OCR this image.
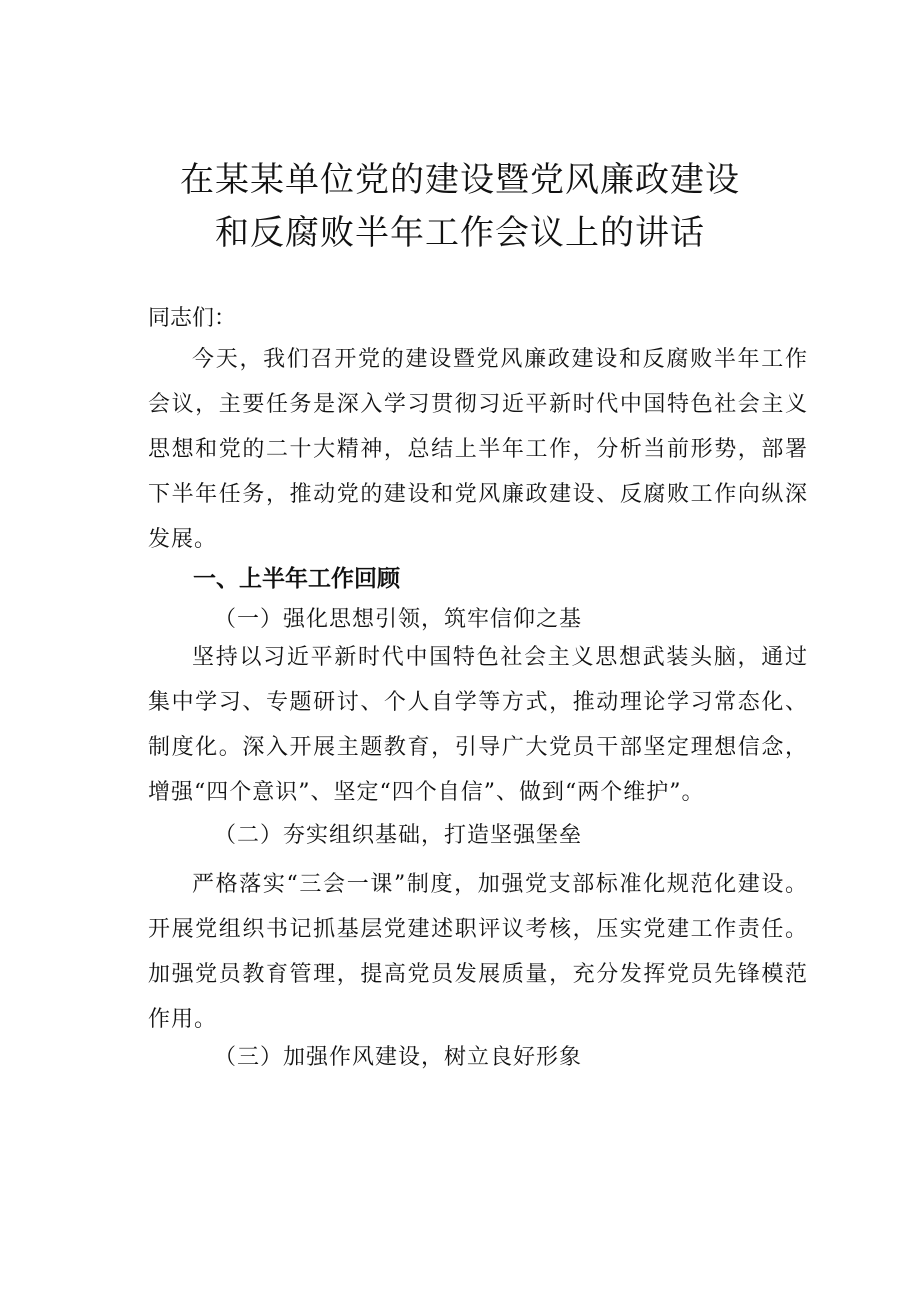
在某某单位党的建设暨党风廉政建设
和反腐败半年工作会议上的讲话
同志们：
今天，我们召开党的建设暨党风廉政建设和反腐败半年工作会议，主要任务是深入学习贯彻习近平新时代中国特色社会主义思想和党的二十大精神，总结上半年工作，分析当前形势，部署下半年任务，推动党的建设和党风廉政建设、反腐败工作向纵深发展。
一、上半年工作回顾
（一）强化思想引领，筑牢信仰之基
坚持以习近平新时代中国特色社会主义思想武装头脑，通过集中学习、专题研讨、个人自学等方式，推动理论学习常态化、制度化。深入开展主题教育，引导广大党员干部坚定理想信念，增强“四个意识”、坚定“四个自信”、做到“两个维护”。
（二）夯实组织基础，打造坚强堡垒
严格落实“三会一课”制度，加强党支部标准化规范化建设。开展党组织书记抓基层党建述职评议考核，压实党建工作责任。加强党员教育管理，提高党员发展质量，充分发挥党员先锋模范作用。
（三）加强作风建设，树立良好形象
